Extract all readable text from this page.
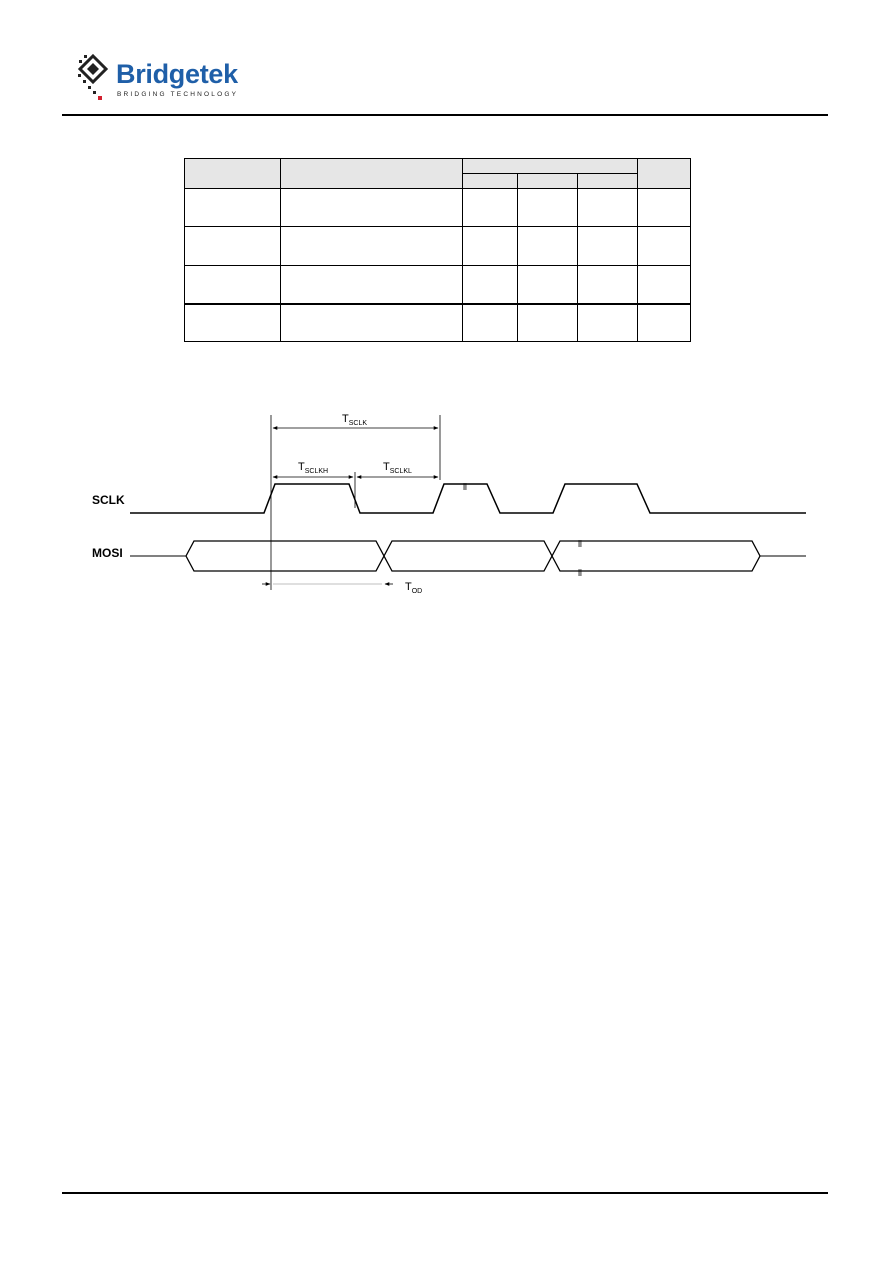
Bridgetek
BRIDGING TECHNOLOGY

$T_{SCLK}$
$T_{SCLKH}$	$T_{SCLKL}$
SCLK
⦀
MOSI
⦀
⦀
$T_{OD}$
